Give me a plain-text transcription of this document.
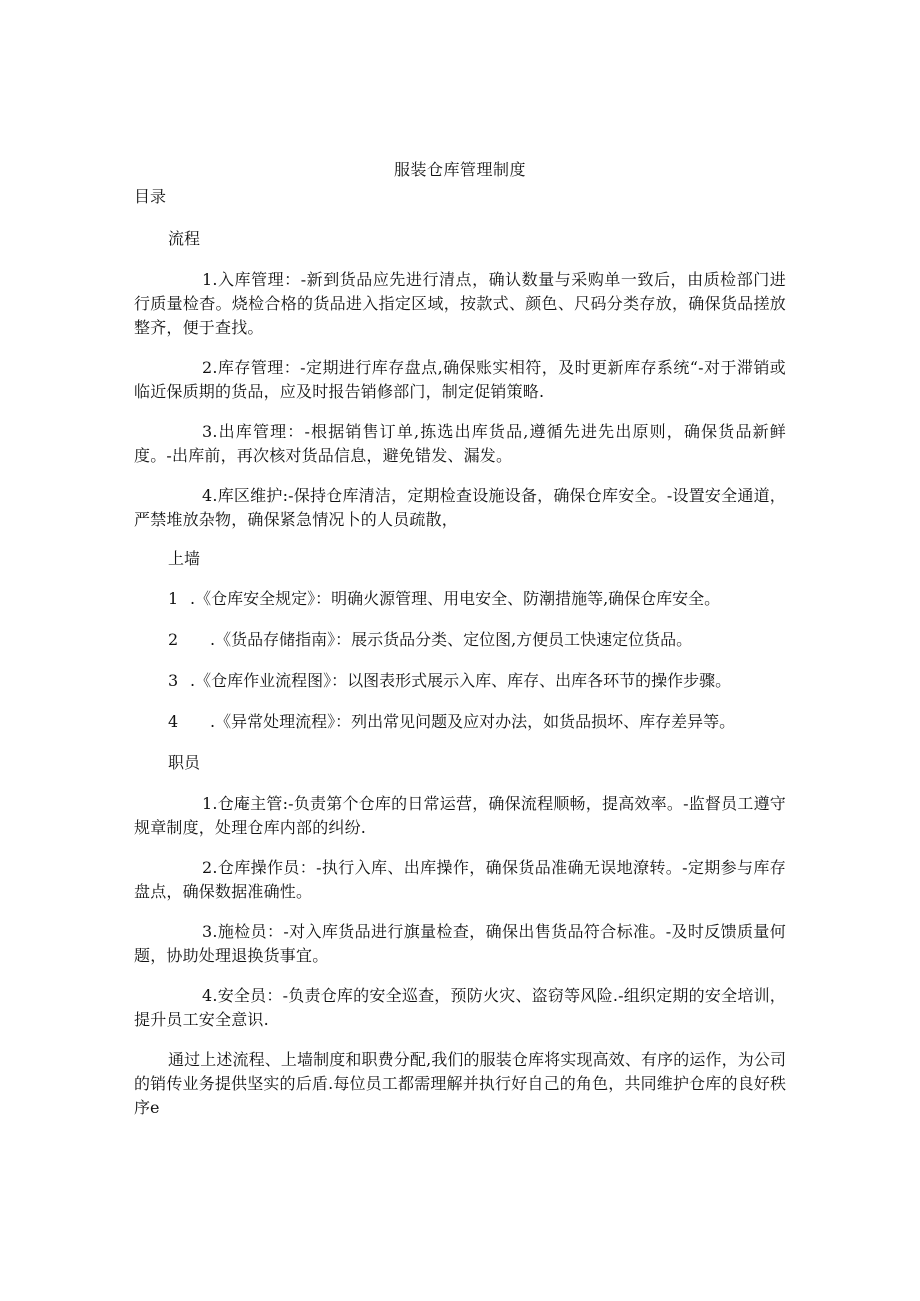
服装仓库管理制度
目录
流程

1.入库管理：-新到货品应先进行清点，确认数量与采购单一致后，由质检部门进行质量检杳。烧检合格的货品进入指定区域，按款式、颜色、尺码分类存放，确保货品搓放整齐，便于查找。

2.库存管理：-定期进行库存盘点,确保账实相符，及时更新库存系统“-对于滞销或临近保质期的货品，应及时报告销修部门，制定促销策略.

3.出库管理：-根据销售订单,拣选出库货品,遵循先进先出原则，确保货品新鲜度。-出库前，再次核对货品信息，避免错发、漏发。

4.库区维护:-保持仓库清洁，定期检查设施设备，确保仓库安全。-设置安全通道，严禁堆放杂物，确保紧急情况卜的人员疏散，

上墙
1 .《仓库安全规定》：明确火源管理、用电安全、防潮措施等,确保仓库安全。
2 .《货品存储指南》：展示货品分类、定位图,方便员工快速定位货品。
3 .《仓库作业流程图》：以图表形式展示入库、库存、出库各环节的操作步骤。
4 .《异常处理流程》：列出常见问题及应对办法，如货品损坏、库存差异等。
职员

1.仓庵主管:-负责第个仓库的日常运营，确保流程顺畅，提高效率。-监督员工遵守规章制度，处理仓库内部的纠纷.

2.仓库操作员：-执行入库、出库操作，确保货品准确无误地潦转。-定期参与库存盘点，确保数据准确性。

3.施检员：-对入库货品进行旗量检查，确保出售货品符合标准。-及时反馈质量何题，协助处理退换货事宜。

4.安全员：-负责仓库的安全巡查，预防火灾、盗窃等风险.-组织定期的安全培训，提升员工安全意识.

通过上述流程、上墙制度和职费分配,我们的服装仓库将实现高效、有序的运作，为公司的销传业务提供坚实的后盾.每位员工都需理解并执行好自己的角色，共同维护仓库的良好秩序e
